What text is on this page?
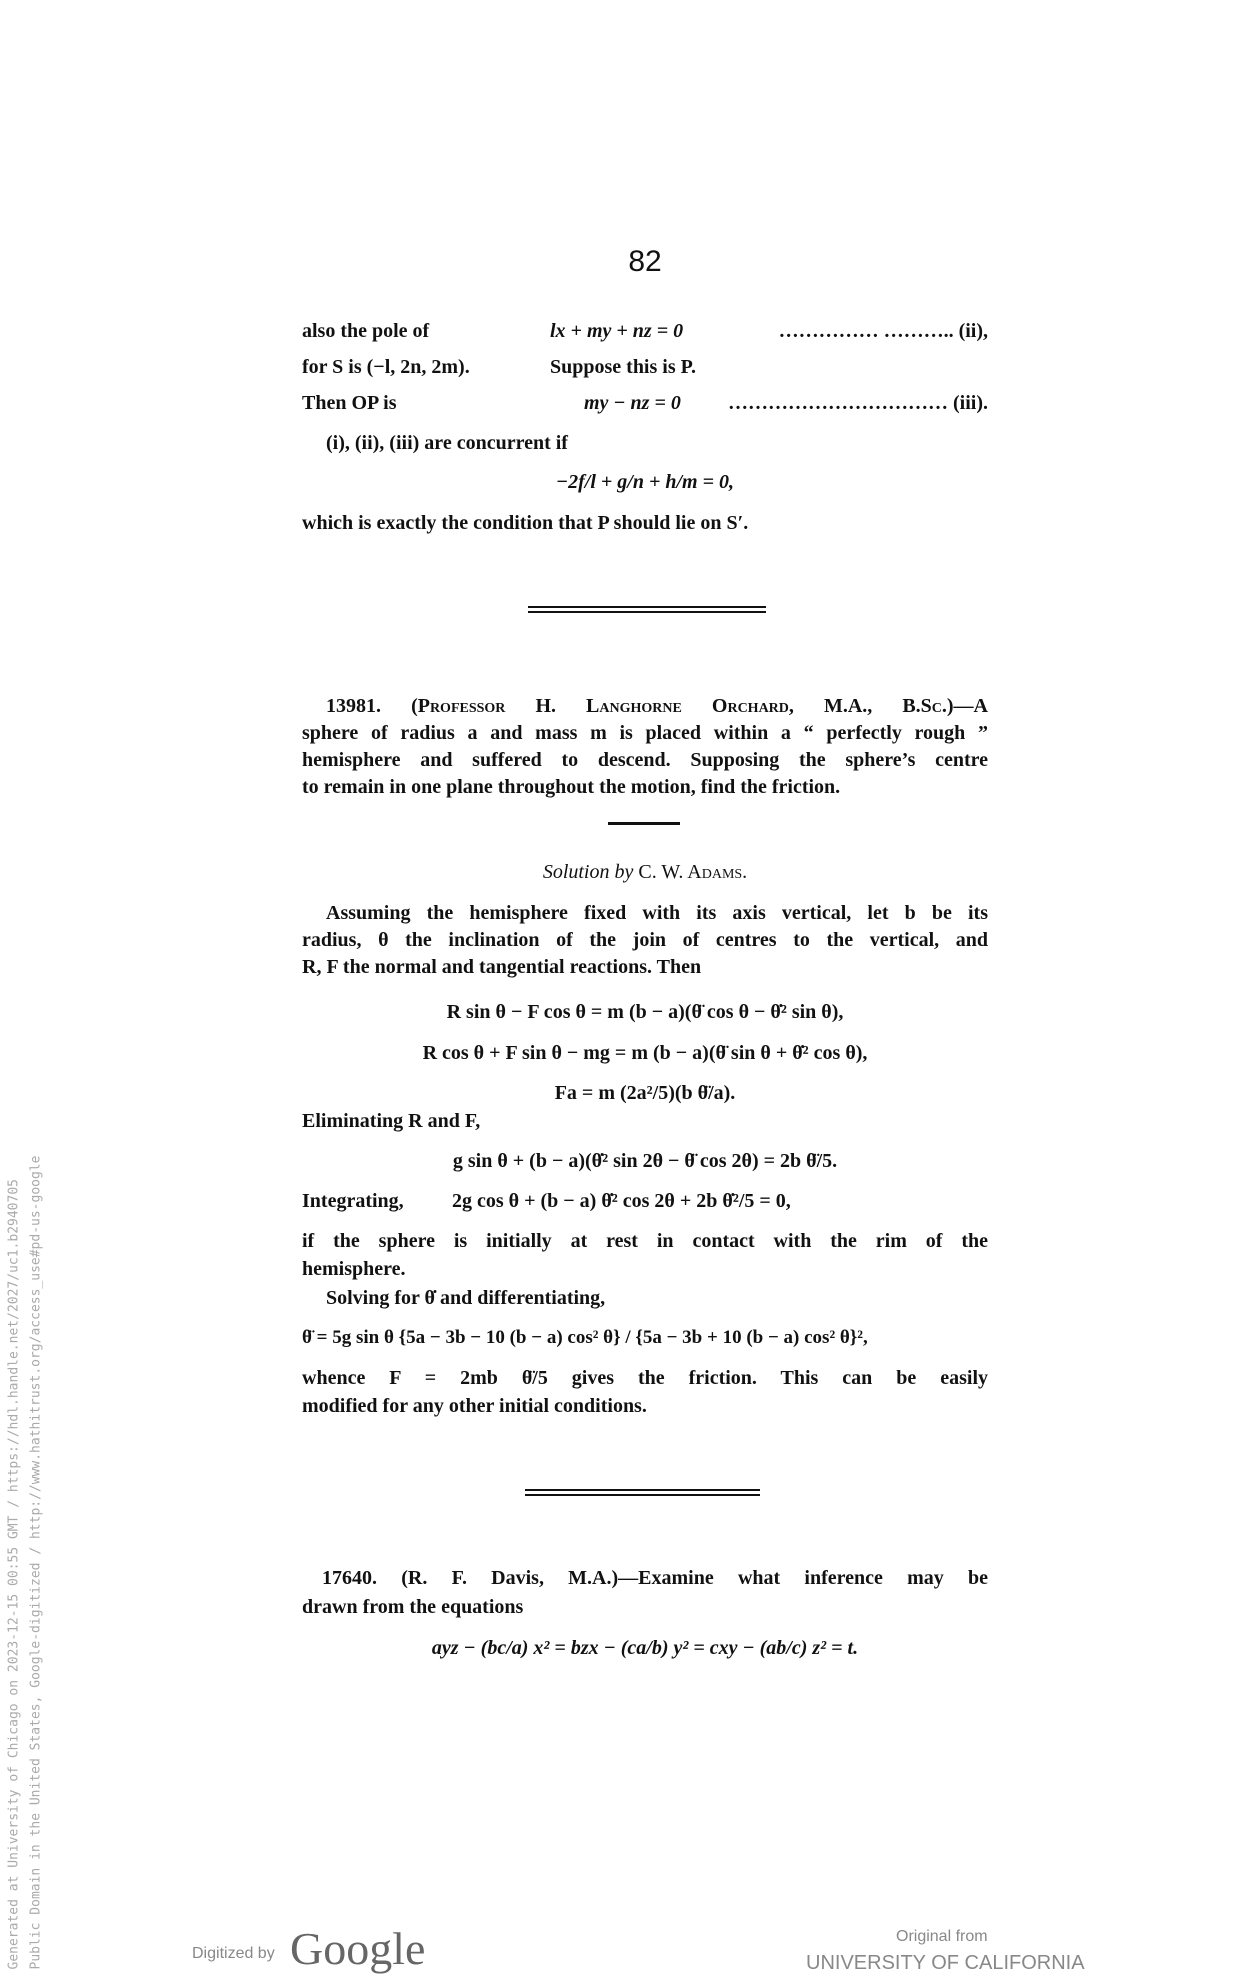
82
also the pole of	lx + my + nz = 0	…………… ……….. (ii),
for S is (−l, 2n, 2m).	Suppose this is P.
Then OP is	my − nz = 0 …………………………… (iii).
(i), (ii), (iii) are concurrent if
−2f/l + g/n + h/m = 0,
which is exactly the condition that P should lie on S′.
13981. (Professor H. Langhorne Orchard, M.A., B.Sc.)—A
sphere of radius a and mass m is placed within a “ perfectly rough ”
hemisphere and suffered to descend. Supposing the sphere’s centre
to remain in one plane throughout the motion, find the friction.
Solution by C. W. Adams.
Assuming the hemisphere fixed with its axis vertical, let b be its
radius, θ the inclination of the join of centres to the vertical, and
R, F the normal and tangential reactions. Then
R sin θ − F cos θ = m (b − a)(θ̈ cos θ − θ̇² sin θ),
R cos θ + F sin θ − mg = m (b − a)(θ̈ sin θ + θ̇² cos θ),
Fa = m (2a²/5)(b θ̈/a).
Eliminating R and F,
g sin θ + (b − a)(θ̇² sin 2θ − θ̈ cos 2θ) = 2b θ̈/5.
Integrating, 2g cos θ + (b − a) θ̇² cos 2θ + 2b θ̇²/5 = 0,
if the sphere is initially at rest in contact with the rim of the
hemisphere.
Solving for θ̇ and differentiating,
θ̈ = 5g sin θ {5a − 3b − 10 (b − a) cos² θ} / {5a − 3b + 10 (b − a) cos² θ}²,
whence F = 2mb θ̈/5 gives the friction. This can be easily
modified for any other initial conditions.
17640. (R. F. Davis, M.A.)—Examine what inference may be
drawn from the equations
ayz − (bc/a) x² = bzx − (ca/b) y² = cxy − (ab/c) z² = t.
Generated at University of Chicago on 2023-12-15 00:55 GMT / https://hdl.handle.net/2027/uc1.b2940705 Public Domain in the United States, Google-digitized / http://www.hathitrust.org/access_use#pd-us-google	Digitized by Google	Original from
UNIVERSITY OF CALIFORNIA
